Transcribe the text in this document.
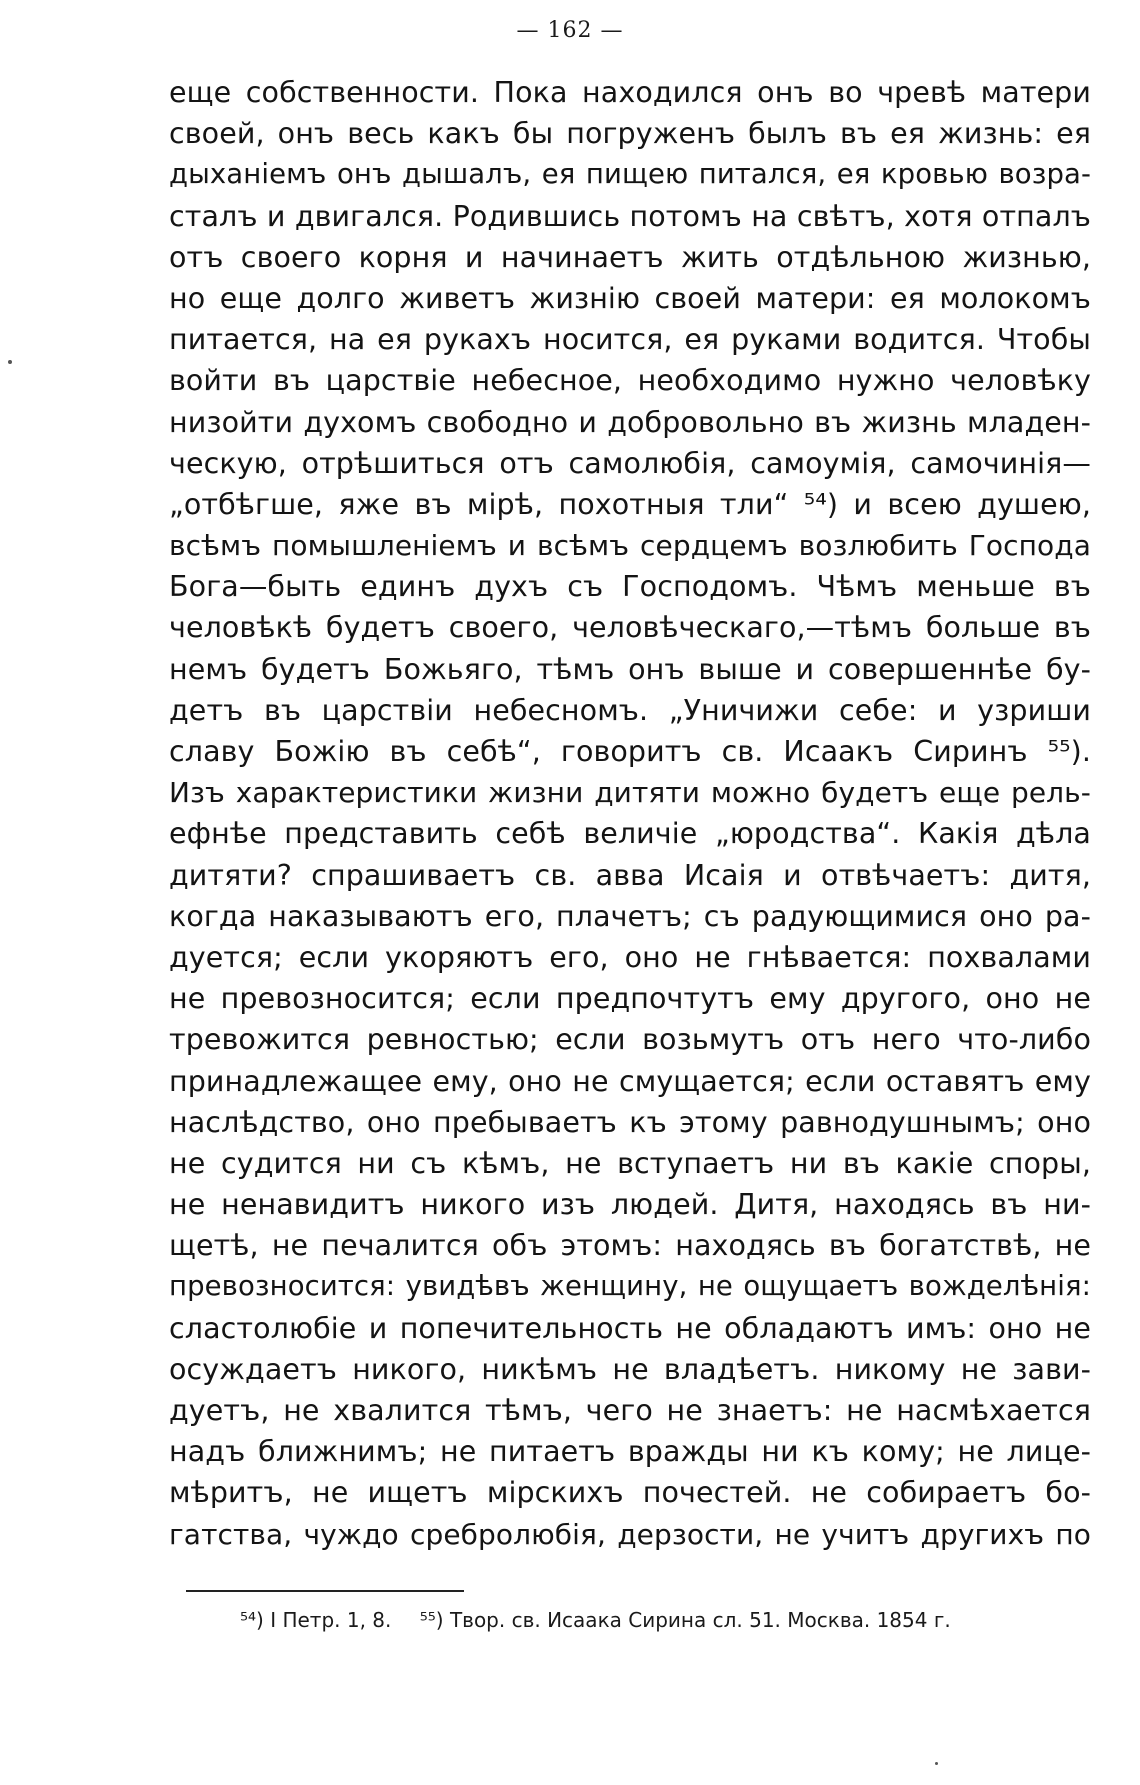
— 162 —
еще собственности. Пока находился онъ во чревѣ матери
своей, онъ весь какъ бы погруженъ былъ въ ея жизнь: ея
дыханіемъ онъ дышалъ, ея пищею питался, ея кровью возра-
сталъ и двигался. Родившись потомъ на свѣтъ, хотя отпалъ
отъ своего корня и начинаетъ жить отдѣльною жизнью,
но еще долго живетъ жизнію своей матери: ея молокомъ
питается, на ея рукахъ носится, ея руками водится. Чтобы
войти въ царствіе небесное, необходимо нужно человѣку
низойти духомъ свободно и добровольно въ жизнь младен-
ческую, отрѣшиться отъ самолюбія, самоумія, самочинія—
„отбѣгше, яже въ мірѣ, похотныя тли“ ⁵⁴) и всею душею,
всѣмъ помышленіемъ и всѣмъ сердцемъ возлюбить Господа
Бога—быть единъ духъ съ Господомъ. Чѣмъ меньше въ
человѣкѣ будетъ своего, человѣческаго,—тѣмъ больше въ
немъ будетъ Божьяго, тѣмъ онъ выше и совершеннѣе бу-
детъ въ царствіи небесномъ. „Уничижи себе: и узриши
славу Божію въ себѣ“, говоритъ св. Исаакъ Сиринъ ⁵⁵).
Изъ характеристики жизни дитяти можно будетъ еще рель-
ефнѣе представить себѣ величіе „юродства“. Какія дѣла
дитяти? спрашиваетъ св. авва Исаія и отвѣчаетъ: дитя,
когда наказываютъ его, плачетъ; съ радующимися оно ра-
дуется; если укоряютъ его, оно не гнѣвается: похвалами
не превозносится; если предпочтутъ ему другого, оно не
тревожится ревностью; если возьмутъ отъ него что-либо
принадлежащее ему, оно не смущается; если оставятъ ему
наслѣдство, оно пребываетъ къ этому равнодушнымъ; оно
не судится ни съ кѣмъ, не вступаетъ ни въ какіе споры,
не ненавидитъ никого изъ людей. Дитя, находясь въ ни-
щетѣ, не печалится объ этомъ: находясь въ богатствѣ, не
превозносится: увидѣвъ женщину, не ощущаетъ вожделѣнія:
сластолюбіе и попечительность не обладаютъ имъ: оно не
осуждаетъ никого, никѣмъ не владѣетъ. никому не зави-
дуетъ, не хвалится тѣмъ, чего не знаетъ: не насмѣхается
надъ ближнимъ; не питаетъ вражды ни къ кому; не лице-
мѣритъ, не ищетъ мірскихъ почестей. не собираетъ бо-
гатства, чуждо сребролюбія, дерзости, не учитъ другихъ по
⁵⁴) І Петр. 1, 8. ⁵⁵) Твор. св. Исаака Сирина сл. 51. Москва. 1854 г.
